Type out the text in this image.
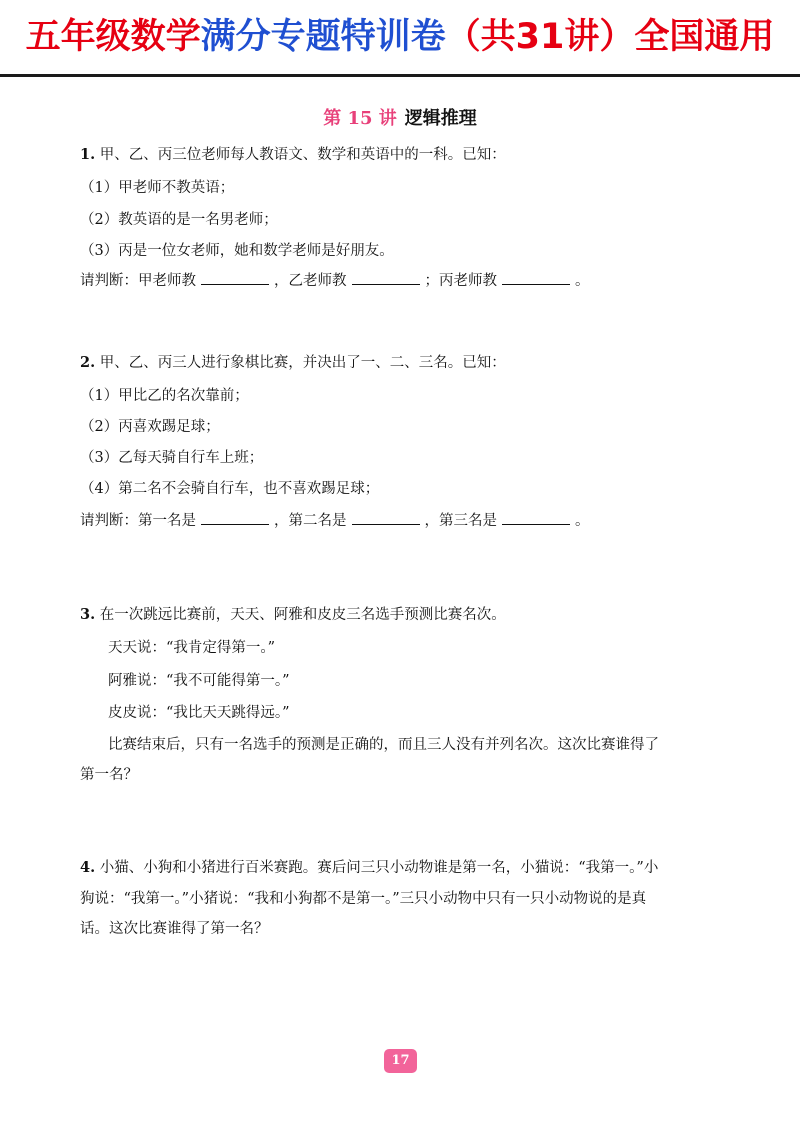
五年级数学满分专题特训卷（共31讲）全国通用
第 15 讲 逻辑推理
1. 甲、乙、丙三位老师每人教语文、数学和英语中的一科。已知：
（1）甲老师不教英语；
（2）教英语的是一名男老师；
（3）丙是一位女老师，她和数学老师是好朋友。
请判断：甲老师教	，乙老师教	；丙老师教	。
2. 甲、乙、丙三人进行象棋比赛，并决出了一、二、三名。已知：
（1）甲比乙的名次靠前；
（2）丙喜欢踢足球；
（3）乙每天骑自行车上班；
（4）第二名不会骑自行车，也不喜欢踢足球；
请判断：第一名是	，第二名是	，第三名是	。
3. 在一次跳远比赛前，天天、阿雅和皮皮三名选手预测比赛名次。
天天说：“我肯定得第一。”
阿雅说：“我不可能得第一。”
皮皮说：“我比天天跳得远。”
比赛结束后，只有一名选手的预测是正确的，而且三人没有并列名次。这次比赛谁得了
第一名？
4. 小猫、小狗和小猪进行百米赛跑。赛后问三只小动物谁是第一名，小猫说：“我第一。”小
狗说：“我第一。”小猪说：“我和小狗都不是第一。”三只小动物中只有一只小动物说的是真
话。这次比赛谁得了第一名？
17
